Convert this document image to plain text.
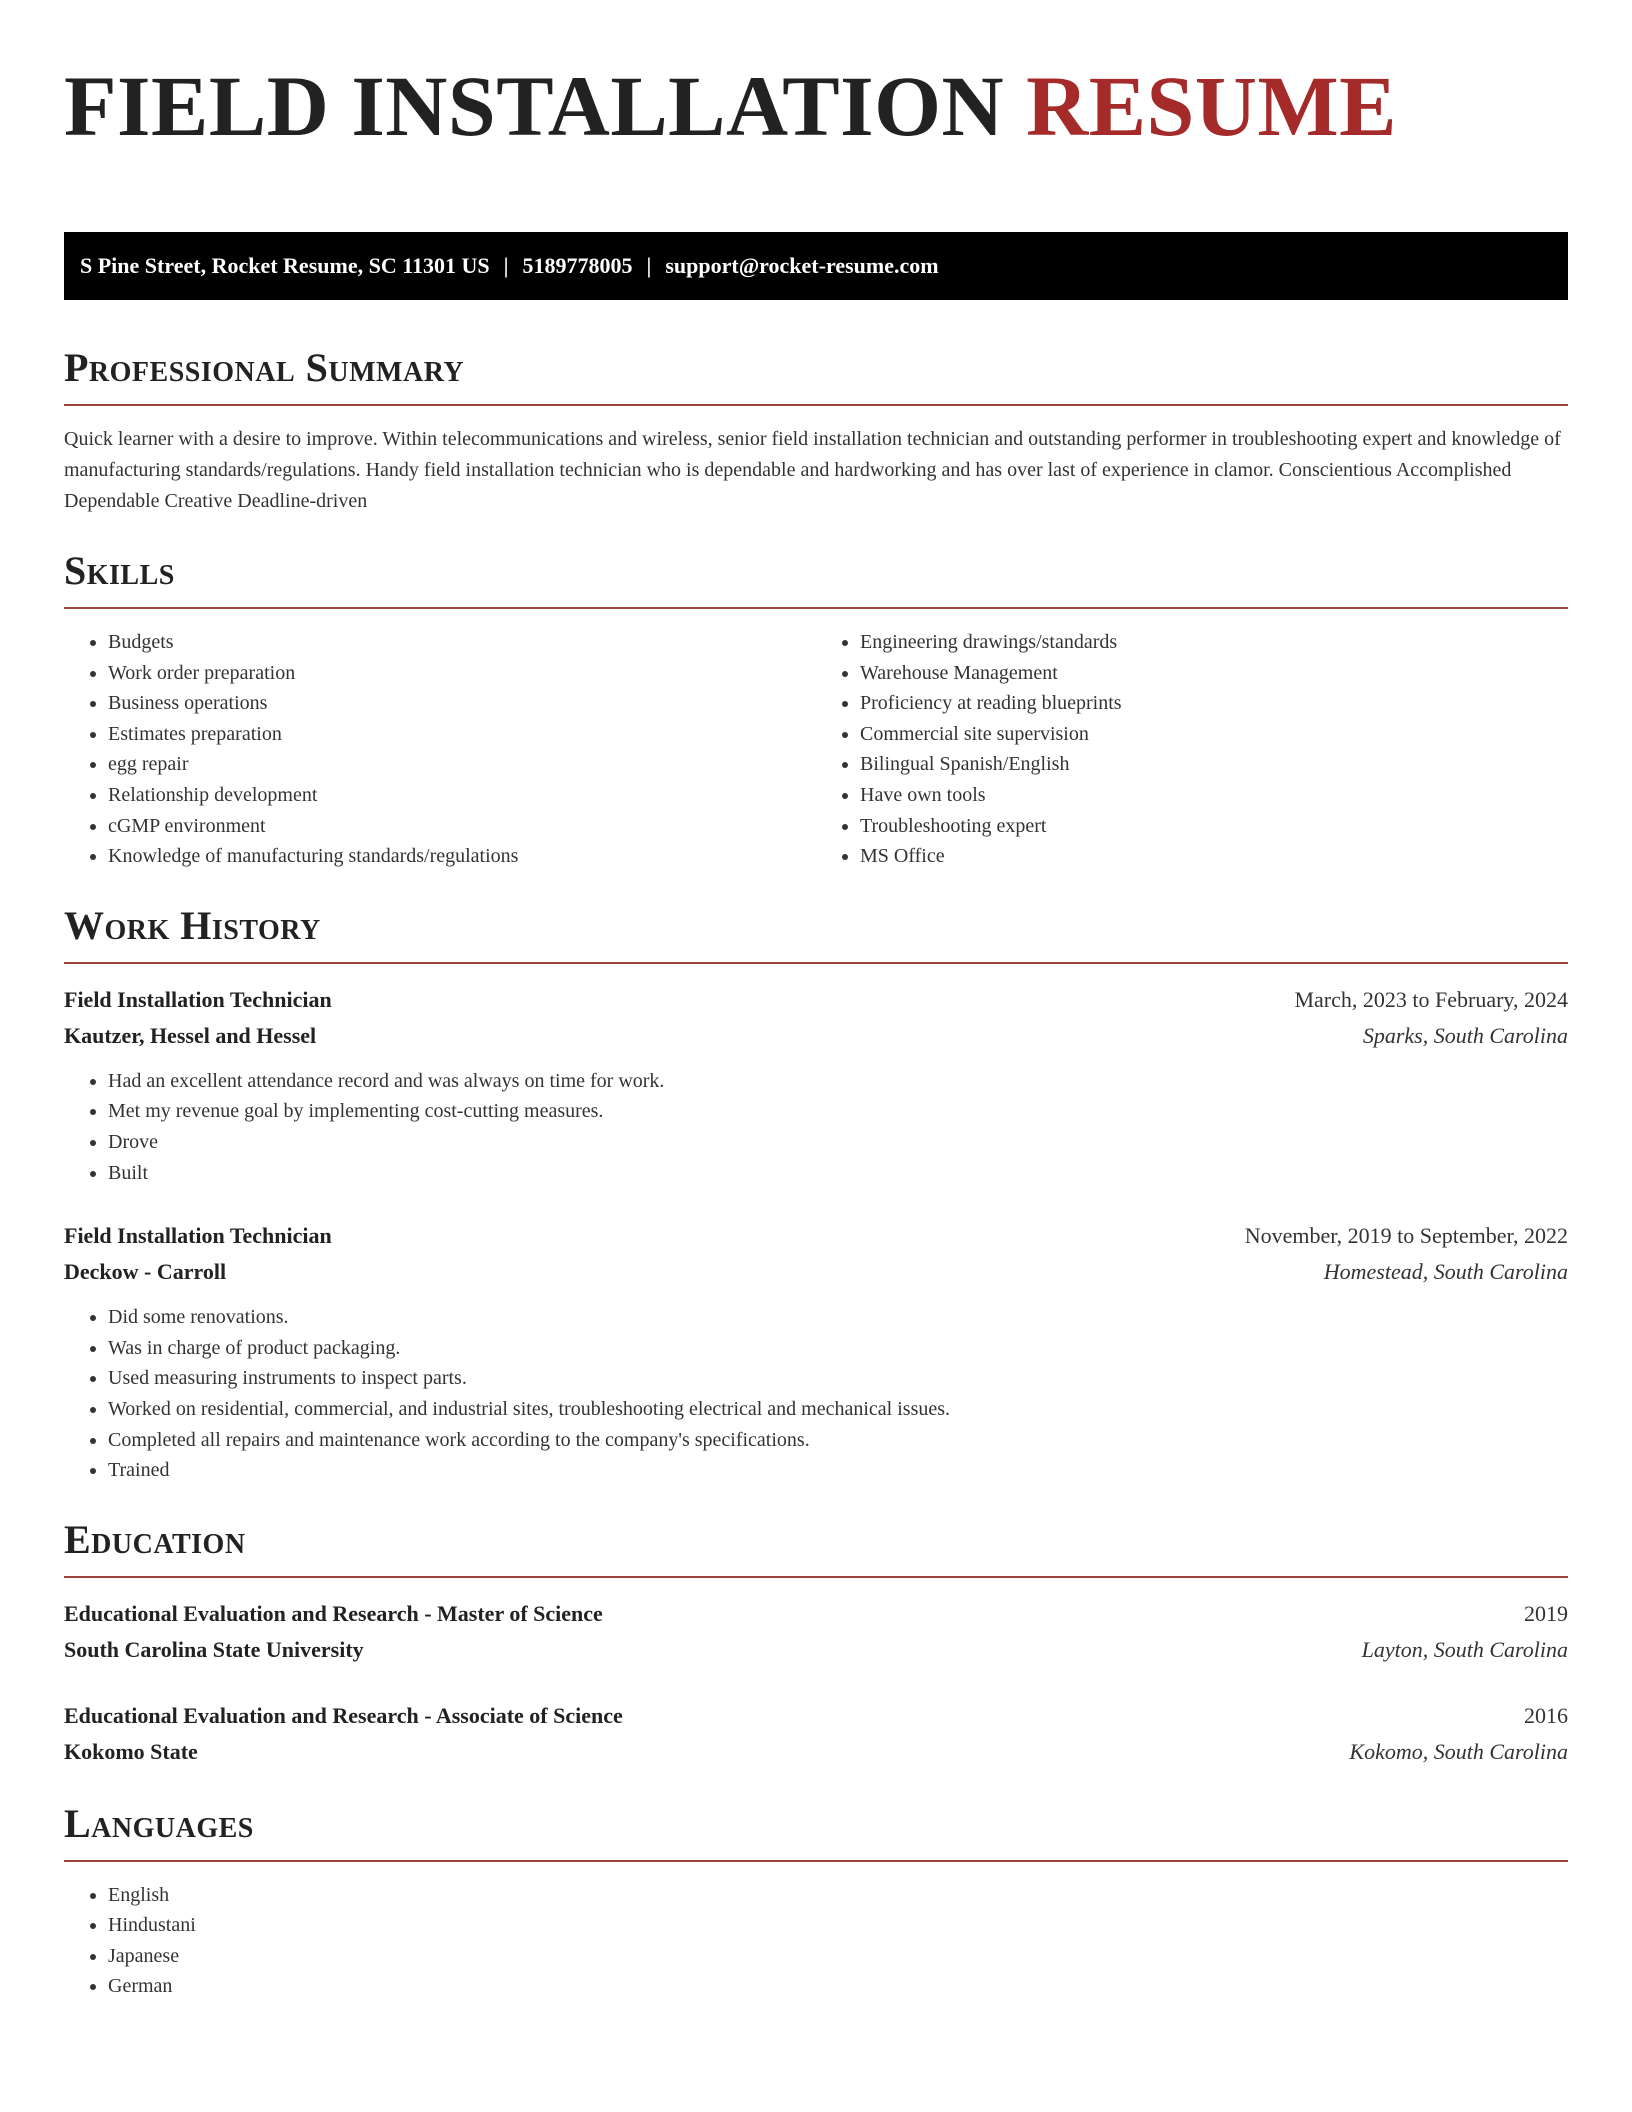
FIELD INSTALLATION RESUME
S Pine Street, Rocket Resume, SC 11301 US | 5189778005 | support@rocket-resume.com
Professional Summary

Quick learner with a desire to improve. Within telecommunications and wireless, senior field installation technician and outstanding performer in troubleshooting expert and knowledge of manufacturing standards/regulations. Handy field installation technician who is dependable and hardworking and has over last of experience in clamor. Conscientious Accomplished Dependable Creative Deadline-driven

Skills
• Budgets
• Work order preparation
• Business operations
• Estimates preparation
• egg repair
• Relationship development
• cGMP environment
• Knowledge of manufacturing standards/regulations
• Engineering drawings/standards
• Warehouse Management
• Proficiency at reading blueprints
• Commercial site supervision
• Bilingual Spanish/English
• Have own tools
• Troubleshooting expert
• MS Office
Work History
Field Installation Technician	March, 2023 to February, 2024
Kautzer, Hessel and Hessel	Sparks, South Carolina
• Had an excellent attendance record and was always on time for work.
• Met my revenue goal by implementing cost-cutting measures.
• Drove
• Built
Field Installation Technician	November, 2019 to September, 2022
Deckow - Carroll	Homestead, South Carolina
• Did some renovations.
• Was in charge of product packaging.
• Used measuring instruments to inspect parts.
• Worked on residential, commercial, and industrial sites, troubleshooting electrical and mechanical issues.
• Completed all repairs and maintenance work according to the company's specifications.
• Trained
Education
Educational Evaluation and Research - Master of Science	2019
South Carolina State University	Layton, South Carolina
Educational Evaluation and Research - Associate of Science	2016
Kokomo State	Kokomo, South Carolina
Languages
• English
• Hindustani
• Japanese
• German
